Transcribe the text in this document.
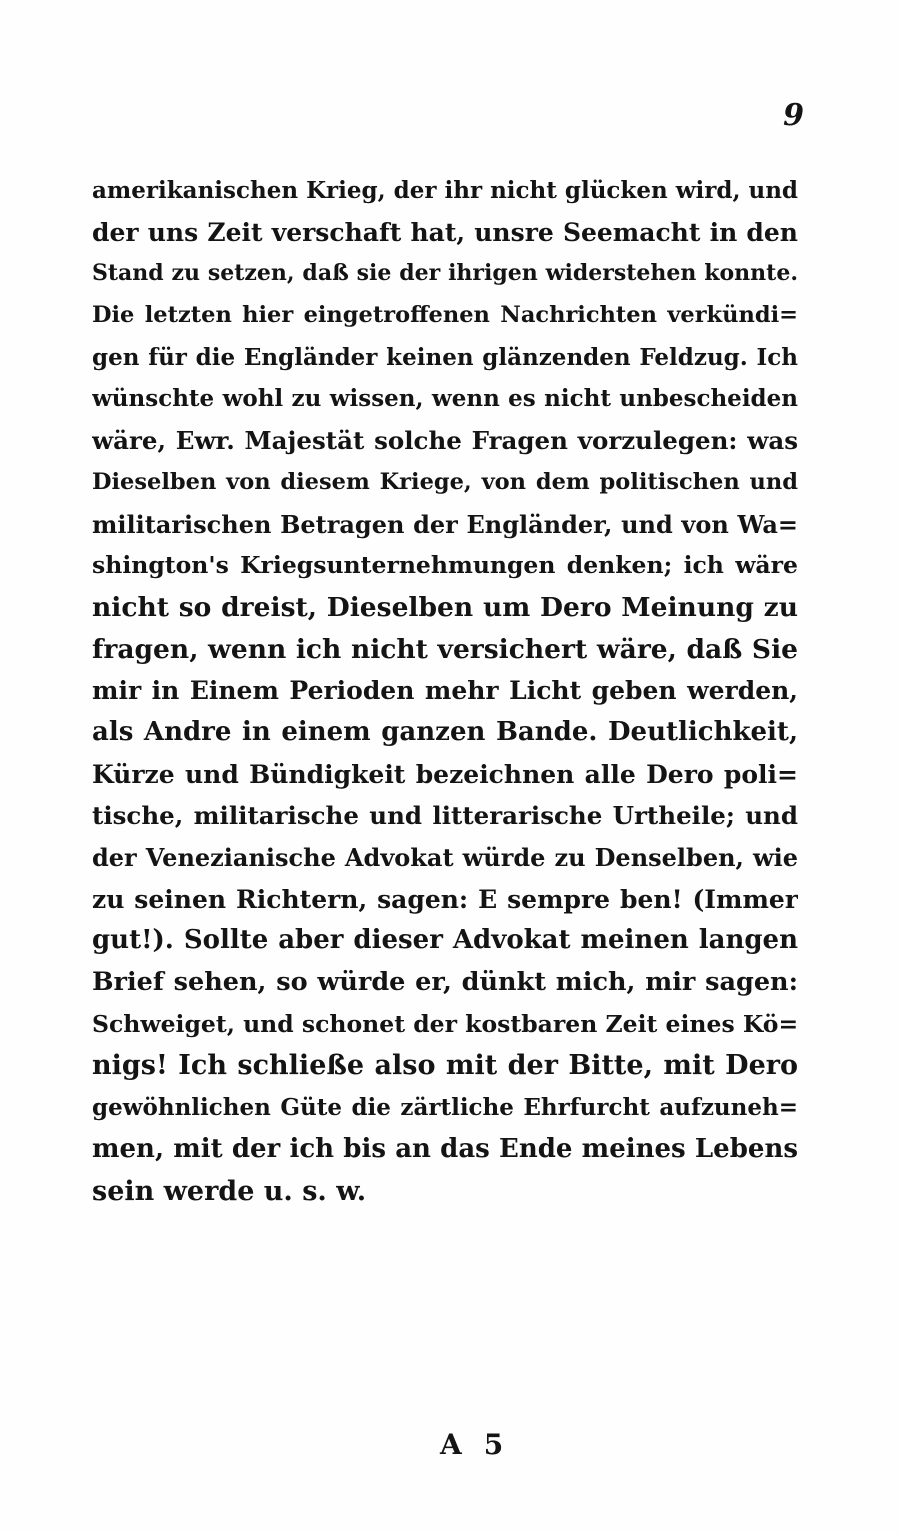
9
amerikanischen Krieg, der ihr nicht glücken wird, und
der uns Zeit verschaft hat, unsre Seemacht in den
Stand zu setzen, daß sie der ihrigen widerstehen konnte.
Die letzten hier eingetroffenen Nachrichten verkündi=
gen für die Engländer keinen glänzenden Feldzug. Ich
wünschte wohl zu wissen, wenn es nicht unbescheiden
wäre, Ewr. Majestät solche Fragen vorzulegen: was
Dieselben von diesem Kriege, von dem politischen und
militarischen Betragen der Engländer, und von Wa=
shington's Kriegsunternehmungen denken; ich wäre
nicht so dreist, Dieselben um Dero Meinung zu
fragen, wenn ich nicht versichert wäre, daß Sie
mir in Einem Perioden mehr Licht geben werden,
als Andre in einem ganzen Bande. Deutlichkeit,
Kürze und Bündigkeit bezeichnen alle Dero poli=
tische, militarische und litterarische Urtheile; und
der Venezianische Advokat würde zu Denselben, wie
zu seinen Richtern, sagen: E sempre ben! (Immer
gut!). Sollte aber dieser Advokat meinen langen
Brief sehen, so würde er, dünkt mich, mir sagen:
Schweiget, und schonet der kostbaren Zeit eines Kö=
nigs! Ich schließe also mit der Bitte, mit Dero
gewöhnlichen Güte die zärtliche Ehrfurcht aufzuneh=
men, mit der ich bis an das Ende meines Lebens
sein werde u. s. w.
A 5
